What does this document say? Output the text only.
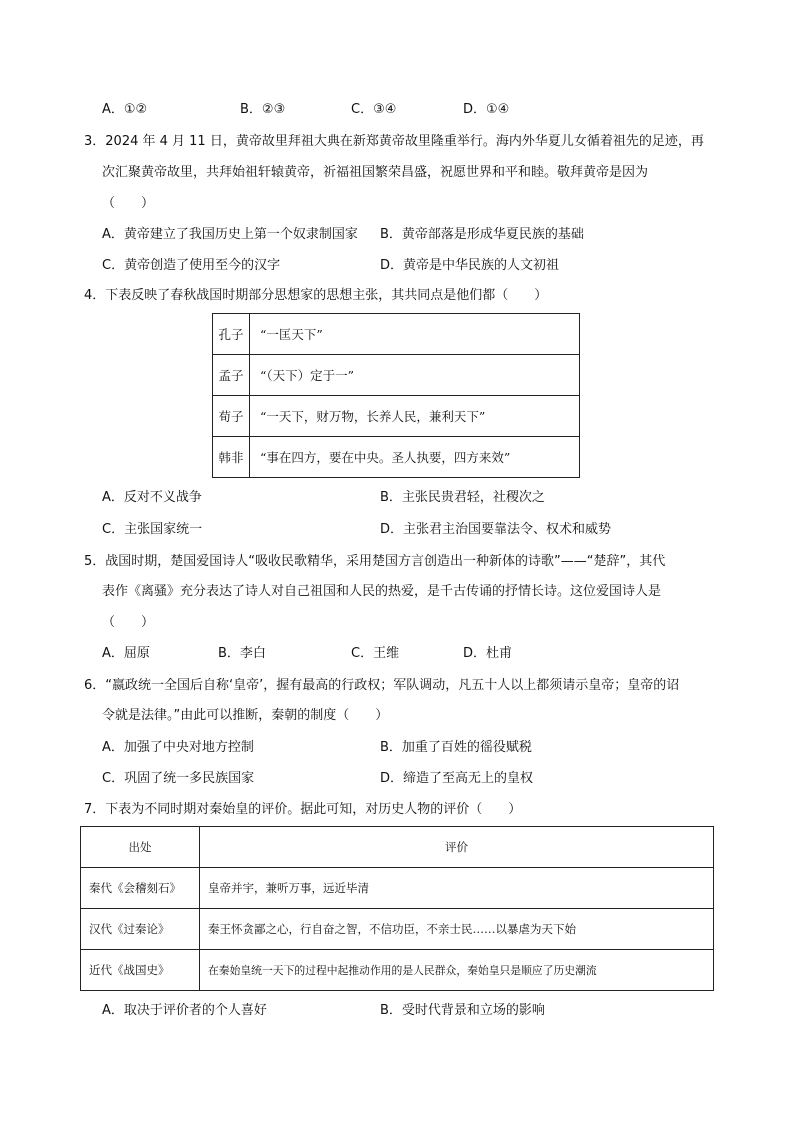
A．①②	B．②③	C．③④	D．①④
3．2024 年 4 月 11 日，黄帝故里拜祖大典在新郑黄帝故里隆重举行。海内外华夏儿女循着祖先的足迹，再
次汇聚黄帝故里，共拜始祖轩辕黄帝，祈福祖国繁荣昌盛，祝愿世界和平和睦。敬拜黄帝是因为
（　　）
A．黄帝建立了我国历史上第一个奴隶制国家 B．黄帝部落是形成华夏民族的基础
C．黄帝创造了使用至今的汉字	D．黄帝是中华民族的人文初祖
4．下表反映了春秋战国时期部分思想家的思想主张，其共同点是他们都（　　）
孔子	“一匡天下”
孟子	“（天下）定于一”
荀子	“一天下，财万物，长养人民，兼利天下”
韩非	“事在四方，要在中央。圣人执要，四方来效”
A．反对不义战争	B．主张民贵君轻，社稷次之
C．主张国家统一	D．主张君主治国要靠法令、权术和威势
5．战国时期，楚国爱国诗人“吸收民歌精华，采用楚国方言创造出一种新体的诗歌”——“楚辞”，其代
表作《离骚》充分表达了诗人对自己祖国和人民的热爱，是千古传诵的抒情长诗。这位爱国诗人是
（　　）
A．屈原	B．李白	C．王维	D．杜甫
6．“嬴政统一全国后自称‘皇帝’，握有最高的行政权；军队调动，凡五十人以上都须请示皇帝；皇帝的诏
令就是法律。”由此可以推断，秦朝的制度（　　）
A．加强了中央对地方控制	B．加重了百姓的徭役赋税
C．巩固了统一多民族国家	D．缔造了至高无上的皇权
7．下表为不同时期对秦始皇的评价。据此可知，对历史人物的评价（　　）
出处	评价
秦代《会稽刻石》	皇帝并宇，兼听万事，远近毕清
汉代《过秦论》	秦王怀贪鄙之心，行自奋之智，不信功臣，不亲士民……以暴虐为天下始
近代《战国史》	在秦始皇统一天下的过程中起推动作用的是人民群众，秦始皇只是顺应了历史潮流
A．取决于评价者的个人喜好	B．受时代背景和立场的影响
